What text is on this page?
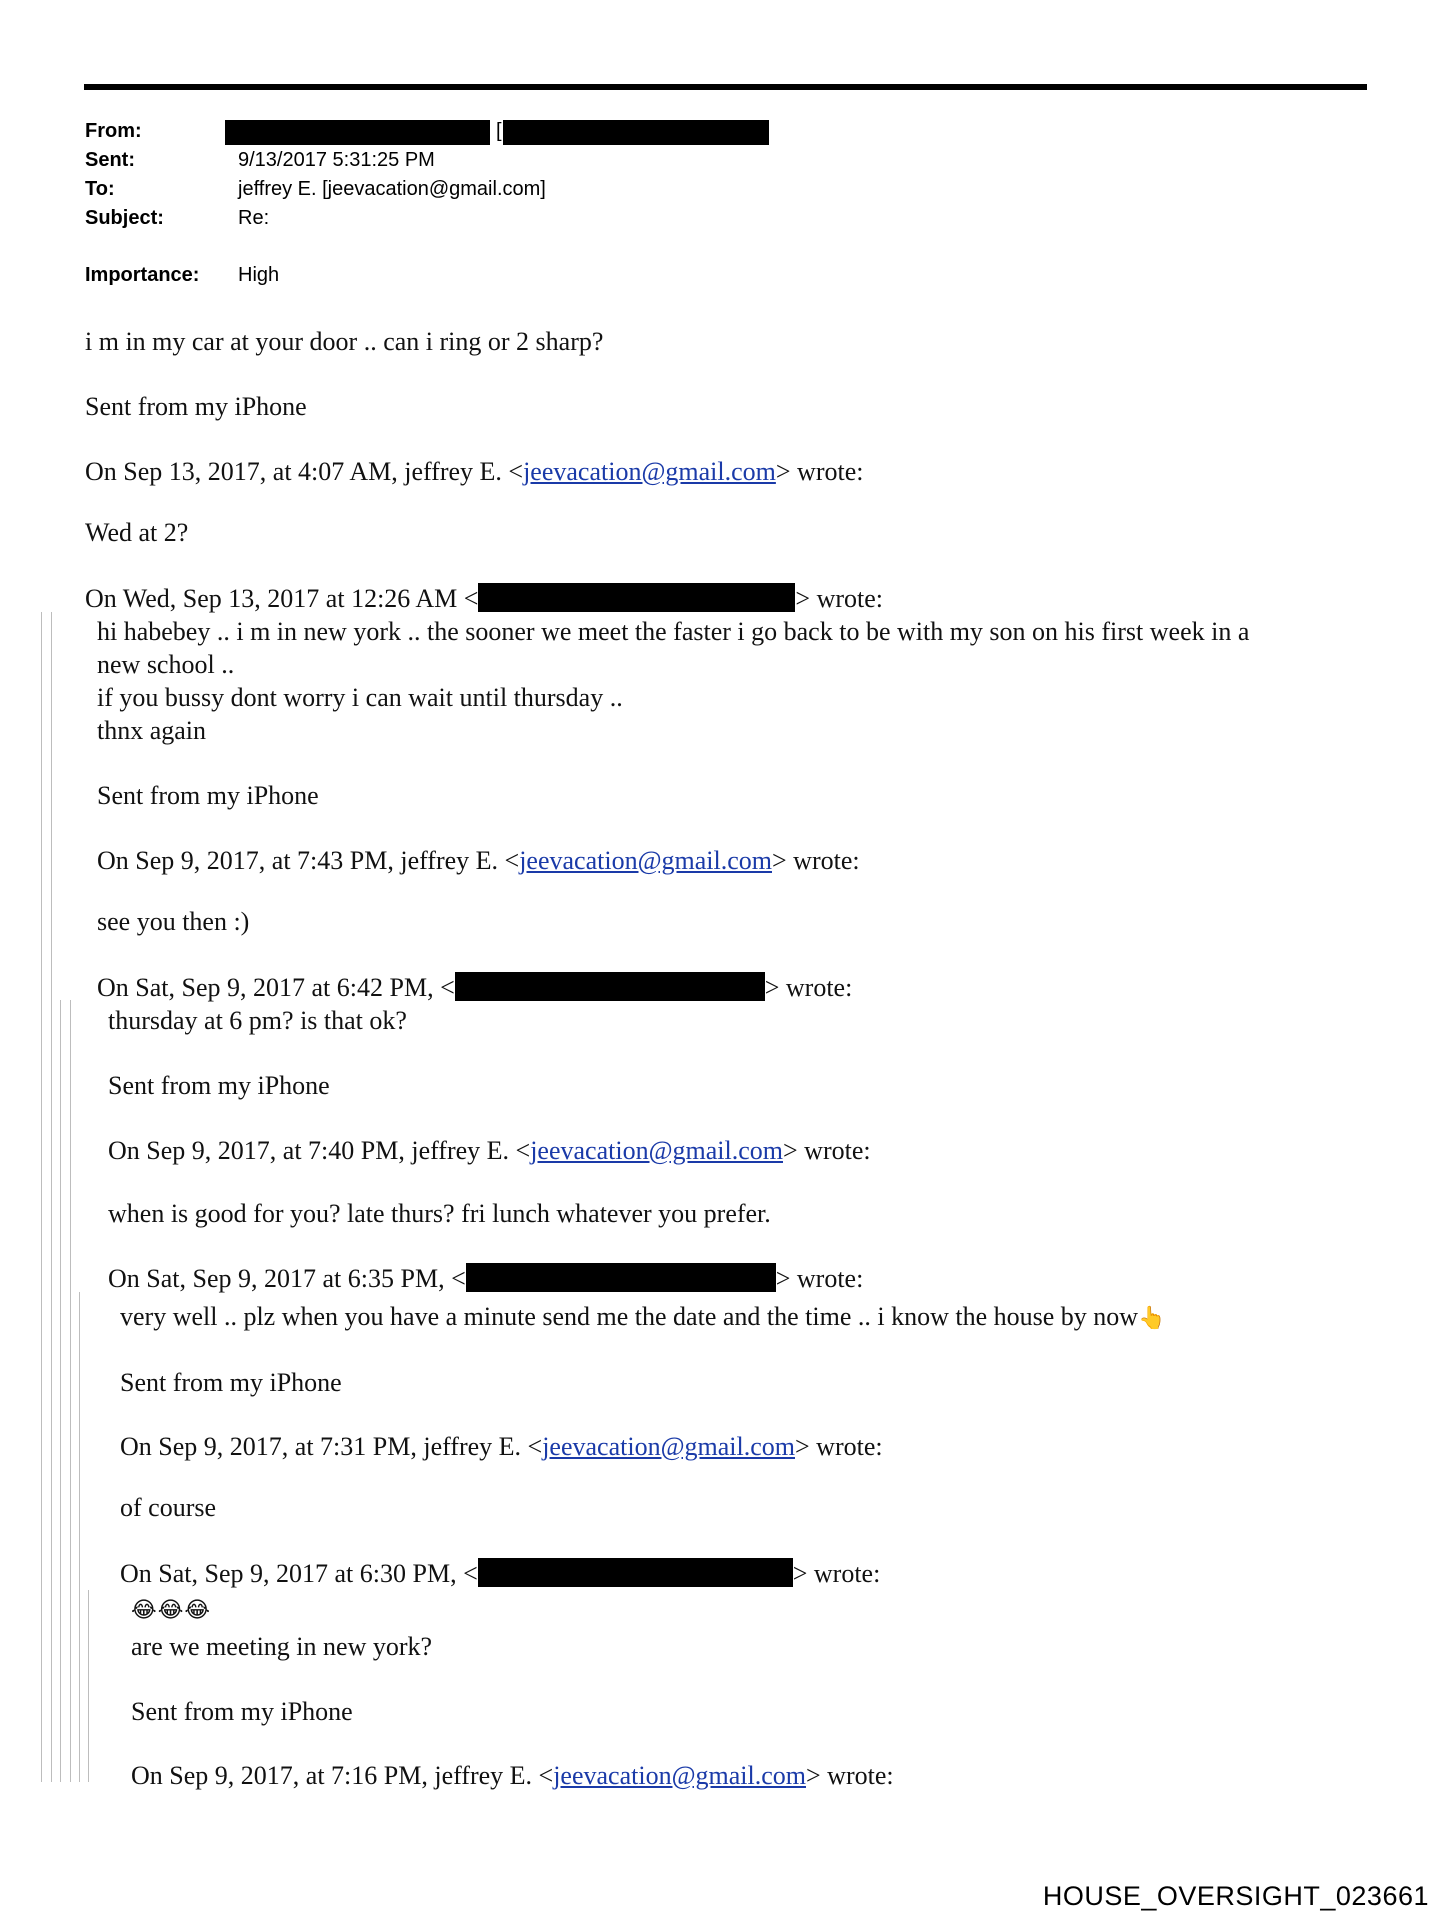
From:	[
Sent:	9/13/2017 5:31:25 PM
To:	jeffrey E. [jeevacation@gmail.com]
Subject:	Re:
Importance: High
i m in my car at your door .. can i ring or 2 sharp?
Sent from my iPhone
On Sep 13, 2017, at 4:07 AM, jeffrey E. <jeevacation@gmail.com> wrote:
Wed at 2?
On Wed, Sep 13, 2017 at 12:26 AM <	> wrote:
hi habebey .. i m in new york .. the sooner we meet the faster i go back to be with my son on his first week in a
new school ..
if you bussy dont worry i can wait until thursday ..
thnx again
Sent from my iPhone
On Sep 9, 2017, at 7:43 PM, jeffrey E. <jeevacation@gmail.com> wrote:
see you then :)
On Sat, Sep 9, 2017 at 6:42 PM, <	> wrote:
thursday at 6 pm? is that ok?
Sent from my iPhone
On Sep 9, 2017, at 7:40 PM, jeffrey E. <jeevacation@gmail.com> wrote:
when is good for you? late thurs? fri lunch whatever you prefer.
On Sat, Sep 9, 2017 at 6:35 PM, <	> wrote:
very well .. plz when you have a minute send me the date and the time .. i know the house by now👆
Sent from my iPhone
On Sep 9, 2017, at 7:31 PM, jeffrey E. <jeevacation@gmail.com> wrote:
of course
On Sat, Sep 9, 2017 at 6:30 PM, <	> wrote:
😂😂😂
are we meeting in new york?
Sent from my iPhone
On Sep 9, 2017, at 7:16 PM, jeffrey E. <jeevacation@gmail.com> wrote:
HOUSE_OVERSIGHT_023661
